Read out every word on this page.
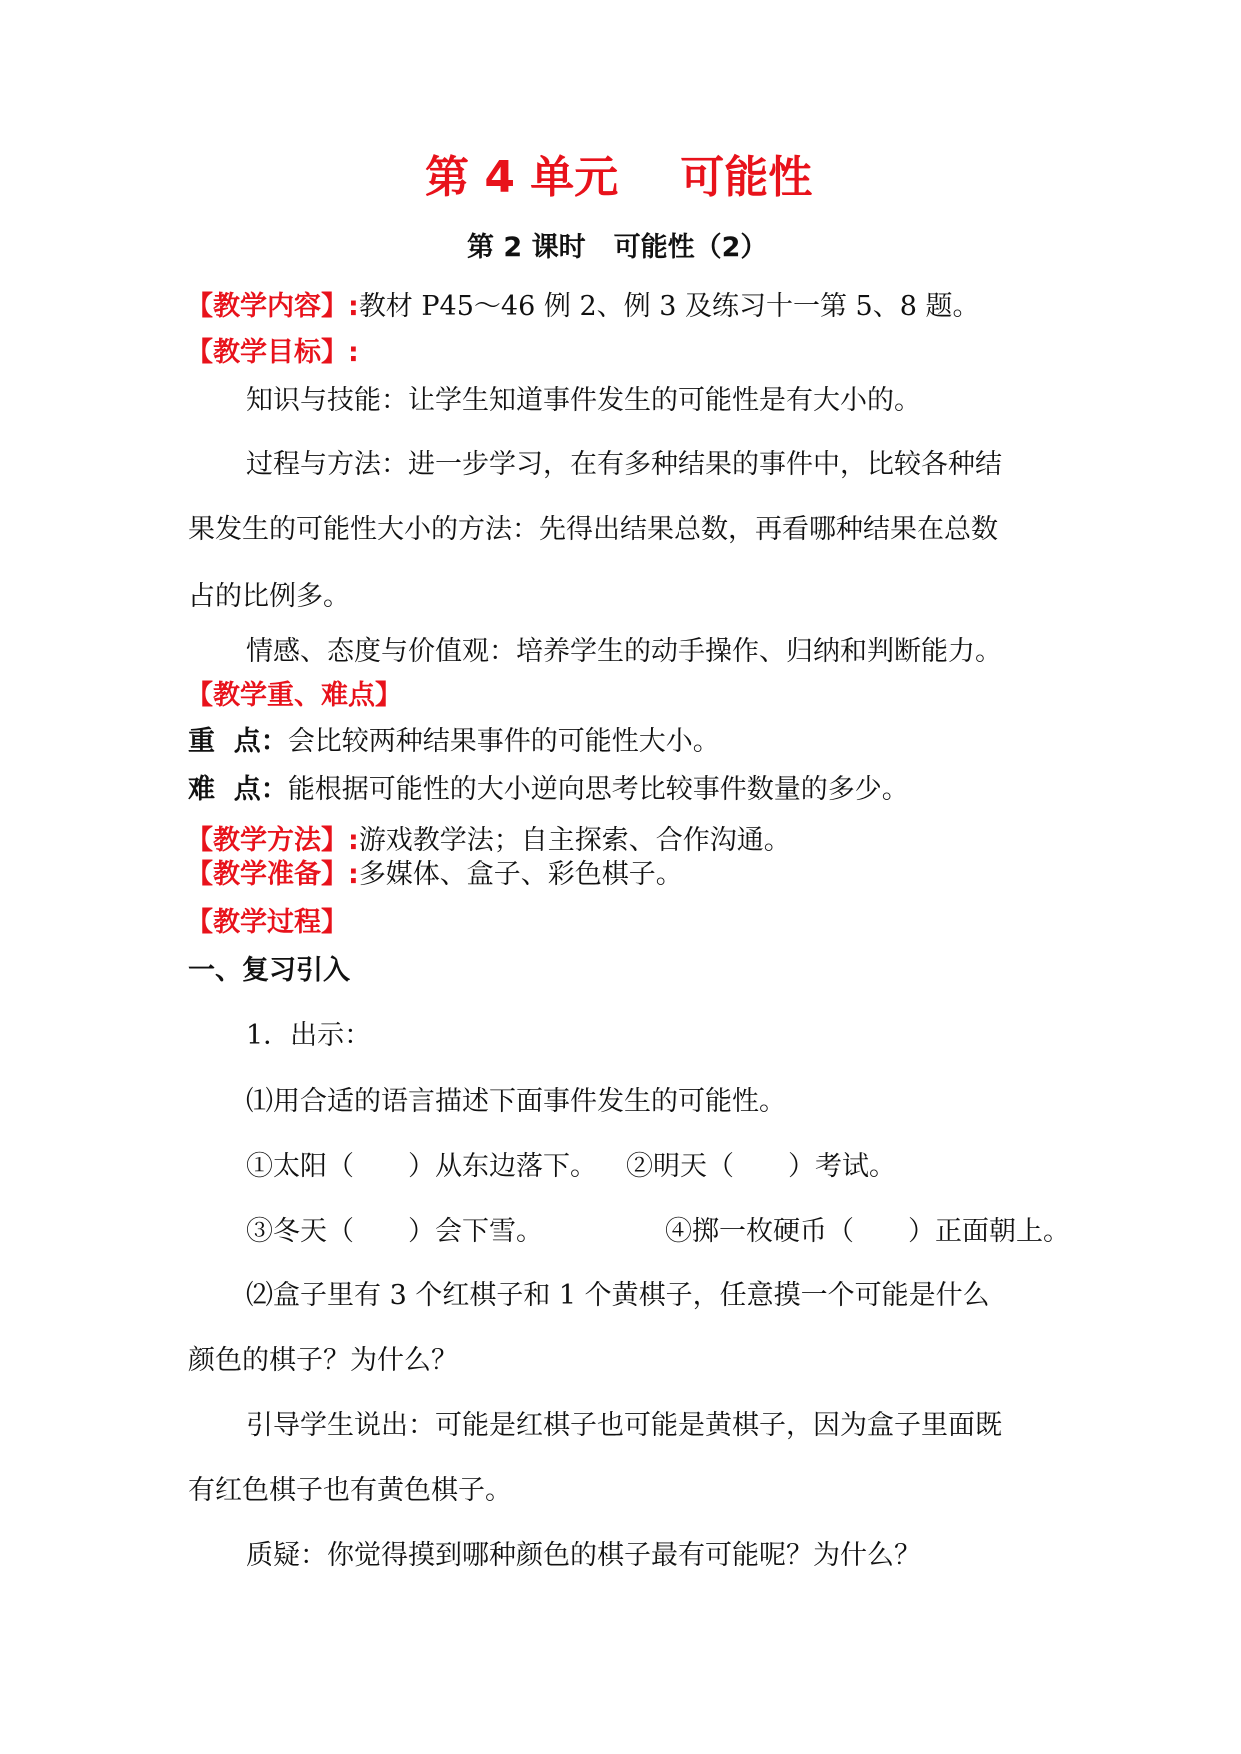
第 4 单元 可能性
第 2 课时 可能性（2）
【教学内容】:教材 P45～46 例 2、例 3 及练习十一第 5、8 题。
【教学目标】:
知识与技能：让学生知道事件发生的可能性是有大小的。
过程与方法：进一步学习，在有多种结果的事件中，比较各种结
果发生的可能性大小的方法：先得出结果总数，再看哪种结果在总数
占的比例多。
情感、态度与价值观：培养学生的动手操作、归纳和判断能力。
【教学重、难点】
重  点：会比较两种结果事件的可能性大小。
难  点：能根据可能性的大小逆向思考比较事件数量的多少。
【教学方法】:游戏教学法；自主探索、合作沟通。
【教学准备】:多媒体、盒子、彩色棋子。
【教学过程】
一、复习引入
1．出示：
⑴用合适的语言描述下面事件发生的可能性。
①太阳（　　）从东边落下。 ②明天（　　）考试。
③冬天（　　）会下雪。	④掷一枚硬币（　　）正面朝上。
⑵盒子里有 3 个红棋子和 1 个黄棋子，任意摸一个可能是什么
颜色的棋子？为什么？
引导学生说出：可能是红棋子也可能是黄棋子，因为盒子里面既
有红色棋子也有黄色棋子。
质疑：你觉得摸到哪种颜色的棋子最有可能呢？为什么？
